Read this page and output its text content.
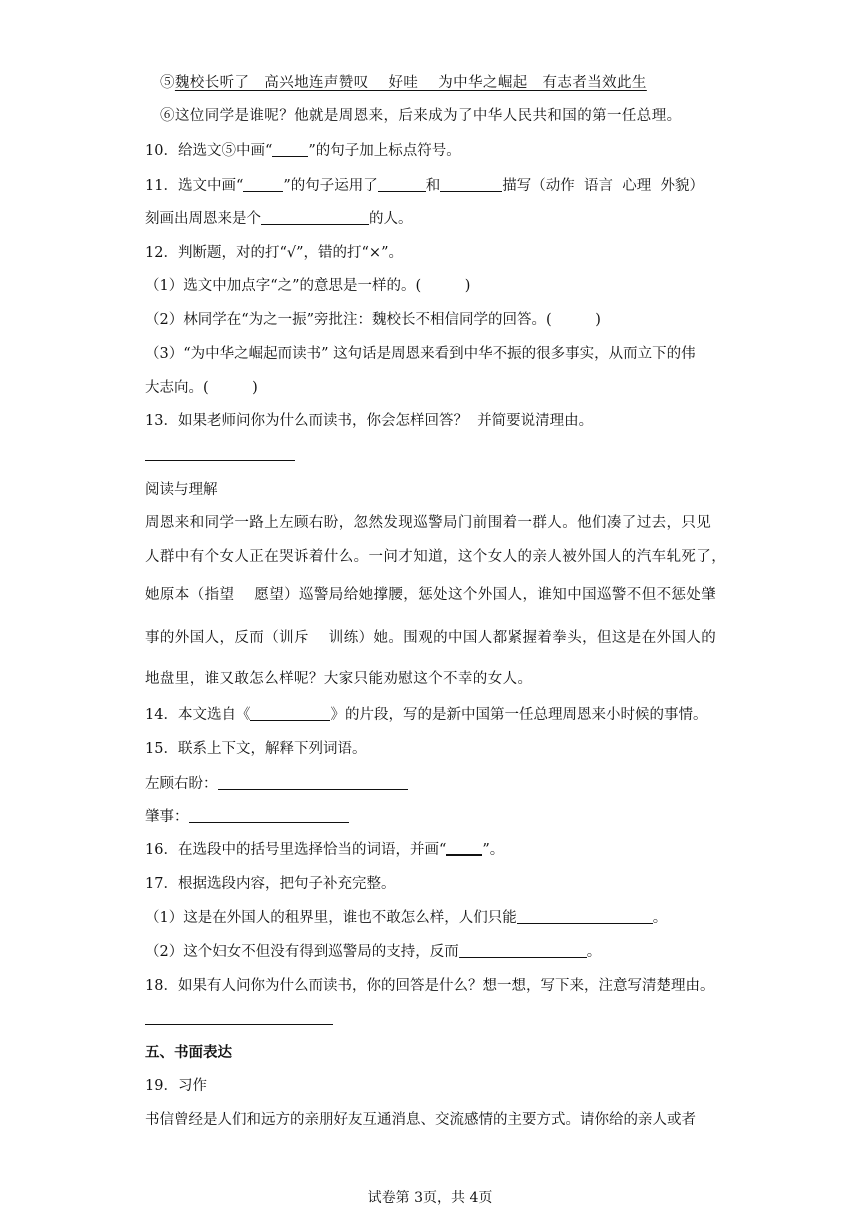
⑤魏校长听了　高兴地连声赞叹　 好哇　 为中华之崛起　有志者当效此生
⑥这位同学是谁呢？他就是周恩来，后来成为了中华人民共和国的第一任总理。
10．给选文⑤中画“ ”的句子加上标点符号。
11．选文中画“	”的句子运用了	和	描写（动作  语言  心理  外貌）
刻画出周恩来是个	的人。
12．判断题，对的打“√”，错的打“×”。
（1）选文中加点字“之”的意思是一样的。(　　　)
（2）林同学在“为之一振”旁批注：魏校长不相信同学的回答。(　　　)
（3）“为中华之崛起而读书” 这句话是周恩来看到中华不振的很多事实，从而立下的伟
大志向。(　　　)
13．如果老师问你为什么而读书，你会怎样回答？  并简要说清理由。
阅读与理解
周恩来和同学一路上左顾右盼，忽然发现巡警局门前围着一群人。他们凑了过去，只见
人群中有个女人正在哭诉着什么。一问才知道，这个女人的亲人被外国人的汽车轧死了，
她原本（指望　 愿望）巡警局给她撑腰，惩处这个外国人，谁知中国巡警不但不惩处肇
事的外国人，反而（训斥　 训练）她。围观的中国人都紧握着拳头，但这是在外国人的
地盘里，谁又敢怎么样呢？大家只能劝慰这个不幸的女人。
14．本文选自《	》的片段，写的是新中国第一任总理周恩来小时候的事情。
15．联系上下文，解释下列词语。
左顾右盼：
肇事：
16．在选段中的括号里选择恰当的词语，并画“ ”。
17．根据选段内容，把句子补充完整。
（1）这是在外国人的租界里，谁也不敢怎么样，人们只能	。
（2）这个妇女不但没有得到巡警局的支持，反而	。
18．如果有人问你为什么而读书，你的回答是什么？想一想，写下来，注意写清楚理由。
五、书面表达
19．习作
书信曾经是人们和远方的亲朋好友互通消息、交流感情的主要方式。请你给的亲人或者
试卷第 3页，共 4页
